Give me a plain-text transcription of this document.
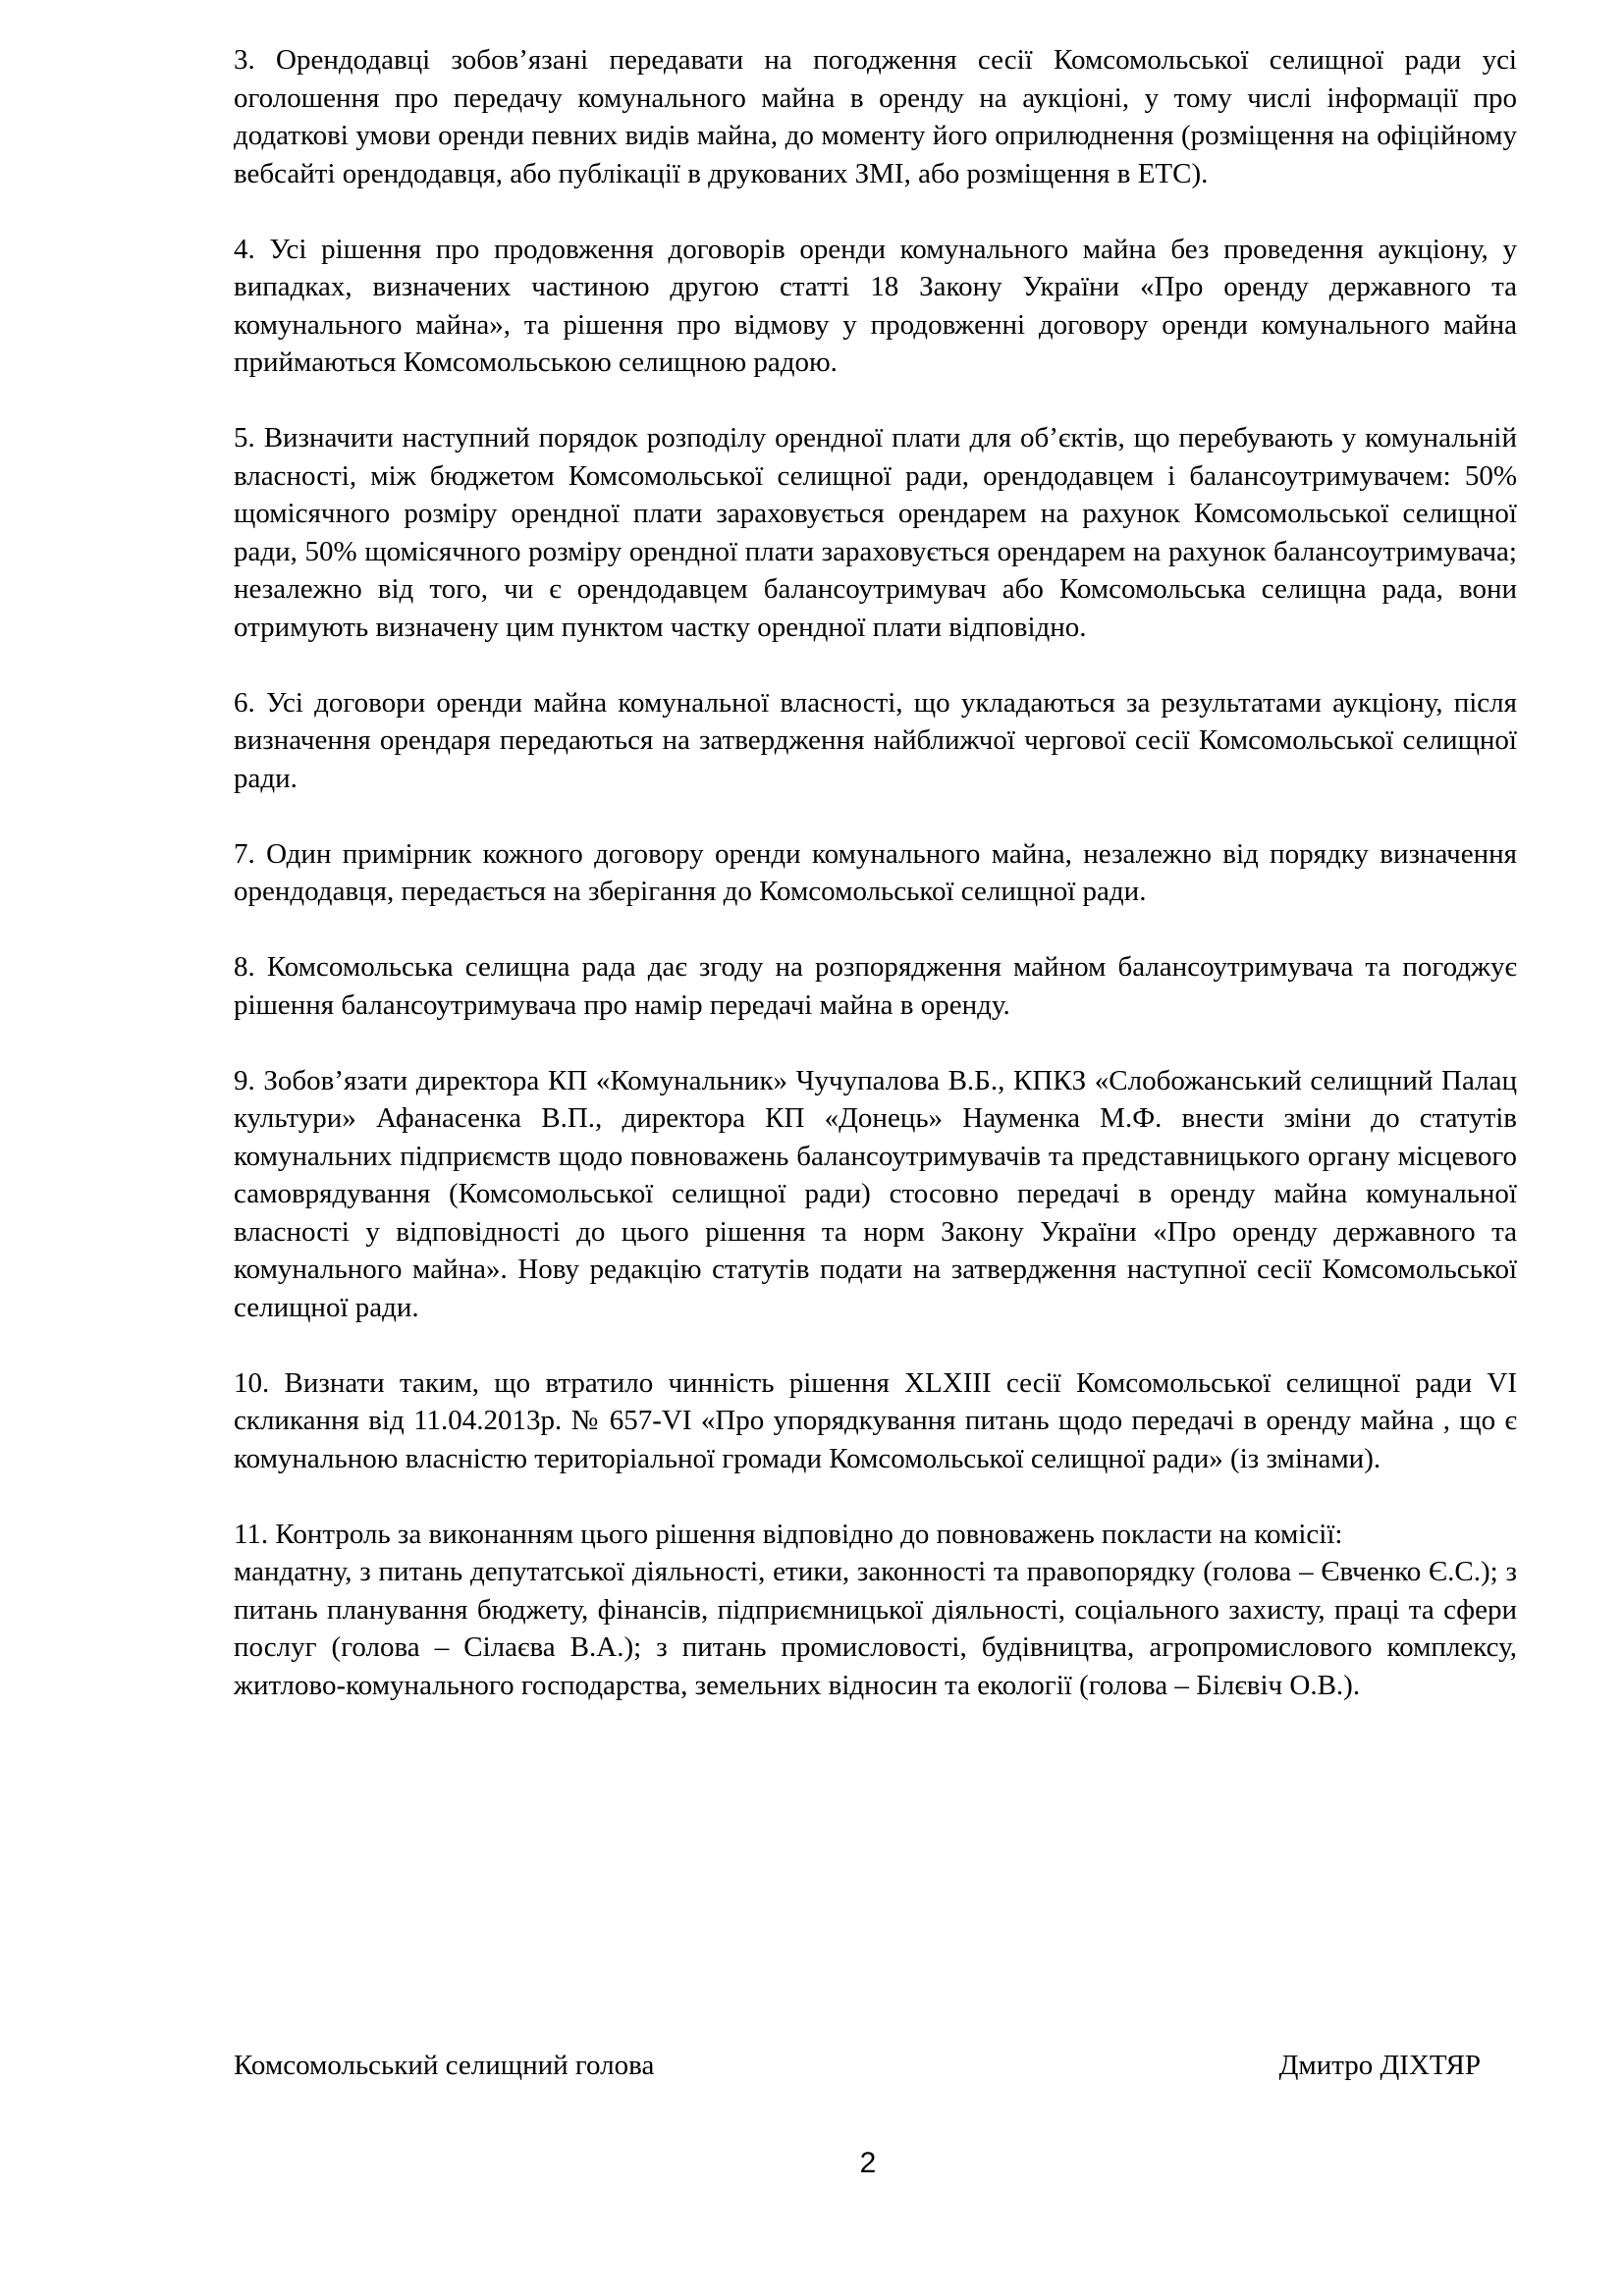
3. Орендодавці зобов’язані передавати на погодження сесії Комсомольської селищної ради усі оголошення про передачу комунального майна в оренду на аукціоні, у тому числі інформації про додаткові умови оренди певних видів майна, до моменту його оприлюднення (розміщення на офіційному вебсайті орендодавця, або публікації в друкованих ЗМІ, або розміщення в ЕТС).

4. Усі рішення про продовження договорів оренди комунального майна без проведення аукціону, у випадках, визначених частиною другою статті 18 Закону України «Про оренду державного та комунального майна», та рішення про відмову у продовженні договору оренди комунального майна приймаються Комсомольською селищною радою.

5. Визначити наступний порядок розподілу орендної плати для об’єктів, що перебувають у комунальній власності, між бюджетом Комсомольської селищної ради, орендодавцем і балансоутримувачем: 50% щомісячного розміру орендної плати зараховується орендарем на рахунок Комсомольської селищної ради, 50% щомісячного розміру орендної плати зараховується орендарем на рахунок балансоутримувача; незалежно від того, чи є орендодавцем балансоутримувач або Комсомольська селищна рада, вони отримують визначену цим пунктом частку орендної плати відповідно.

6. Усі договори оренди майна комунальної власності, що укладаються за результатами аукціону, після визначення орендаря передаються на затвердження найближчої чергової сесії Комсомольської селищної ради.

7. Один примірник кожного договору оренди комунального майна, незалежно від порядку визначення орендодавця, передається на зберігання до Комсомольської селищної ради.

8. Комсомольська селищна рада дає згоду на розпорядження майном балансоутримувача та погоджує рішення балансоутримувача про намір передачі майна в оренду.

9. Зобов’язати директора КП «Комунальник» Чучупалова В.Б., КПКЗ «Слобожанський селищний Палац культури» Афанасенка В.П., директора КП «Донець» Науменка М.Ф. внести зміни до статутів комунальних підприємств щодо повноважень балансоутримувачів та представницького органу місцевого самоврядування (Комсомольської селищної ради) стосовно передачі в оренду майна комунальної власності у відповідності до цього рішення та норм Закону України «Про оренду державного та комунального майна». Нову редакцію статутів подати на затвердження наступної сесії Комсомольської селищної ради.

10. Визнати таким, що втратило чинність рішення XLXIII сесії Комсомольської селищної ради VI скликання від 11.04.2013р. № 657-VI «Про упорядкування питань щодо передачі в оренду майна , що є комунальною власністю територіальної громади Комсомольської селищної ради» (із змінами).

11. Контроль за виконанням цього рішення відповідно до повноважень покласти на комісії:

мандатну, з питань депутатської діяльності, етики, законності та правопорядку (голова – Євченко Є.С.); з питань планування бюджету, фінансів, підприємницької діяльності, соціального захисту, праці та сфери послуг (голова – Сілаєва В.А.); з питань промисловості, будівництва, агропромислового комплексу, житлово-комунального господарства, земельних відносин та екології (голова – Білєвіч О.В.).

Комсомольський селищний голова	Дмитро ДІХТЯР
2
